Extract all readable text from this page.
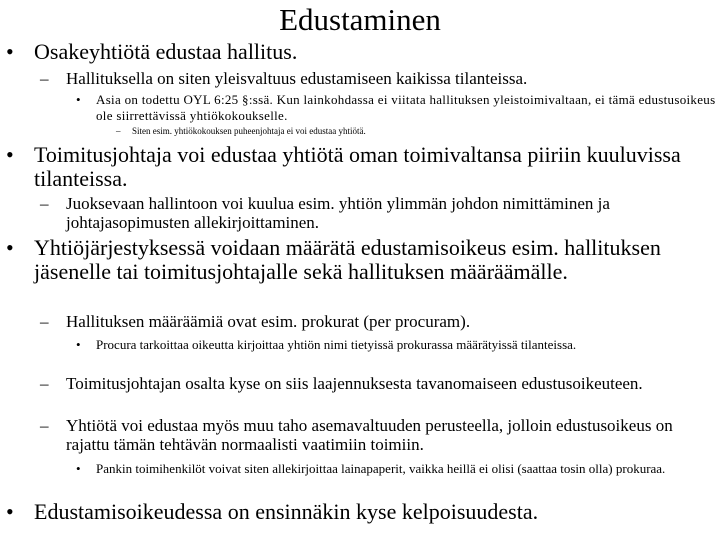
Edustaminen
• Osakeyhtiötä edustaa hallitus.
– Hallituksella on siten yleisvaltuus edustamiseen kaikissa tilanteissa.
• Asia on todettu OYL 6:25 §:ssä. Kun lainkohdassa ei viitata hallituksen yleistoimivaltaan, ei tämä edustusoikeus ole siirrettävissä yhtiökokoukselle.
– Siten esim. yhtiökokouksen puheenjohtaja ei voi edustaa yhtiötä.
• Toimitusjohtaja voi edustaa yhtiötä oman toimivaltansa piiriin kuuluvissa tilanteissa.
– Juoksevaan hallintoon voi kuulua esim. yhtiön ylimmän johdon nimittäminen ja johtajasopimusten allekirjoittaminen.
• Yhtiöjärjestyksessä voidaan määrätä edustamisoikeus esim. hallituksen jäsenelle tai toimitusjohtajalle sekä hallituksen määräämälle.
– Hallituksen määräämiä ovat esim. prokurat (per procuram).
• Procura tarkoittaa oikeutta kirjoittaa yhtiön nimi tietyissä prokurassa määrätyissä tilanteissa.
– Toimitusjohtajan osalta kyse on siis laajennuksesta tavanomaiseen edustusoikeuteen.
– Yhtiötä voi edustaa myös muu taho asemavaltuuden perusteella, jolloin edustusoikeus on rajattu tämän tehtävän normaalisti vaatimiin toimiin.
• Pankin toimihenkilöt voivat siten allekirjoittaa lainapaperit, vaikka heillä ei olisi (saattaa tosin olla) prokuraa.
• Edustamisoikeudessa on ensinnäkin kyse kelpoisuudesta.
